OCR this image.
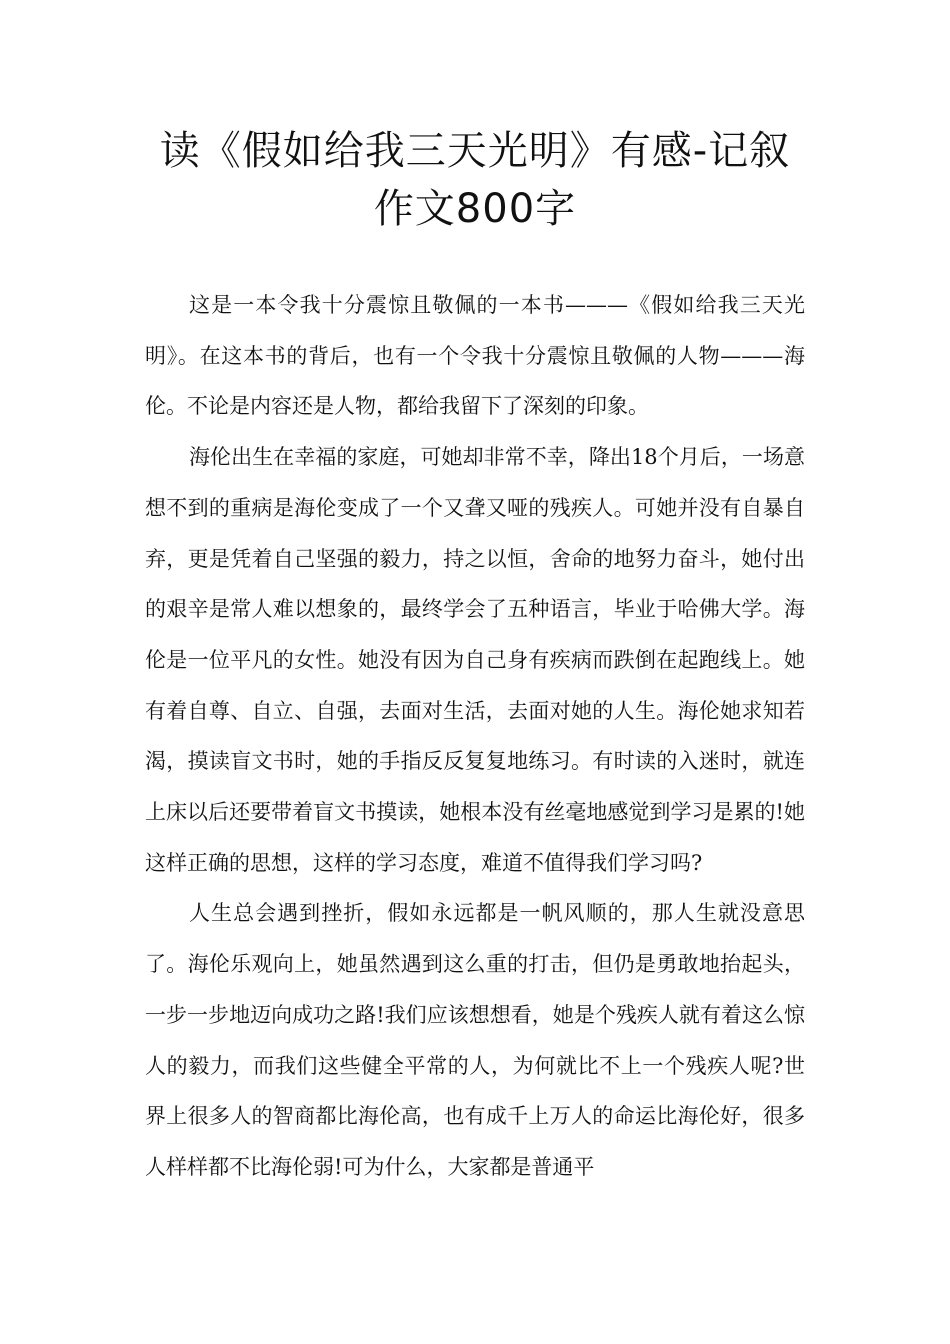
读《假如给我三天光明》有感-记叙作文800字

这是一本令我十分震惊且敬佩的一本书———《假如给我三天光明》。在这本书的背后，也有一个令我十分震惊且敬佩的人物———海伦。不论是内容还是人物，都给我留下了深刻的印象。

海伦出生在幸福的家庭，可她却非常不幸，降出18个月后，一场意想不到的重病是海伦变成了一个又聋又哑的残疾人。可她并没有自暴自弃，更是凭着自己坚强的毅力，持之以恒，舍命的地努力奋斗，她付出的艰辛是常人难以想象的，最终学会了五种语言，毕业于哈佛大学。海伦是一位平凡的女性。她没有因为自己身有疾病而跌倒在起跑线上。她有着自尊、自立、自强，去面对生活，去面对她的人生。海伦她求知若渴，摸读盲文书时，她的手指反反复复地练习。有时读的入迷时，就连上床以后还要带着盲文书摸读，她根本没有丝毫地感觉到学习是累的!她这样正确的思想，这样的学习态度，难道不值得我们学习吗?

人生总会遇到挫折，假如永远都是一帆风顺的，那人生就没意思了。海伦乐观向上，她虽然遇到这么重的打击，但仍是勇敢地抬起头，一步一步地迈向成功之路!我们应该想想看，她是个残疾人就有着这么惊人的毅力，而我们这些健全平常的人，为何就比不上一个残疾人呢?世界上很多人的智商都比海伦高，也有成千上万人的命运比海伦好，很多人样样都不比海伦弱!可为什么，大家都是普通平
